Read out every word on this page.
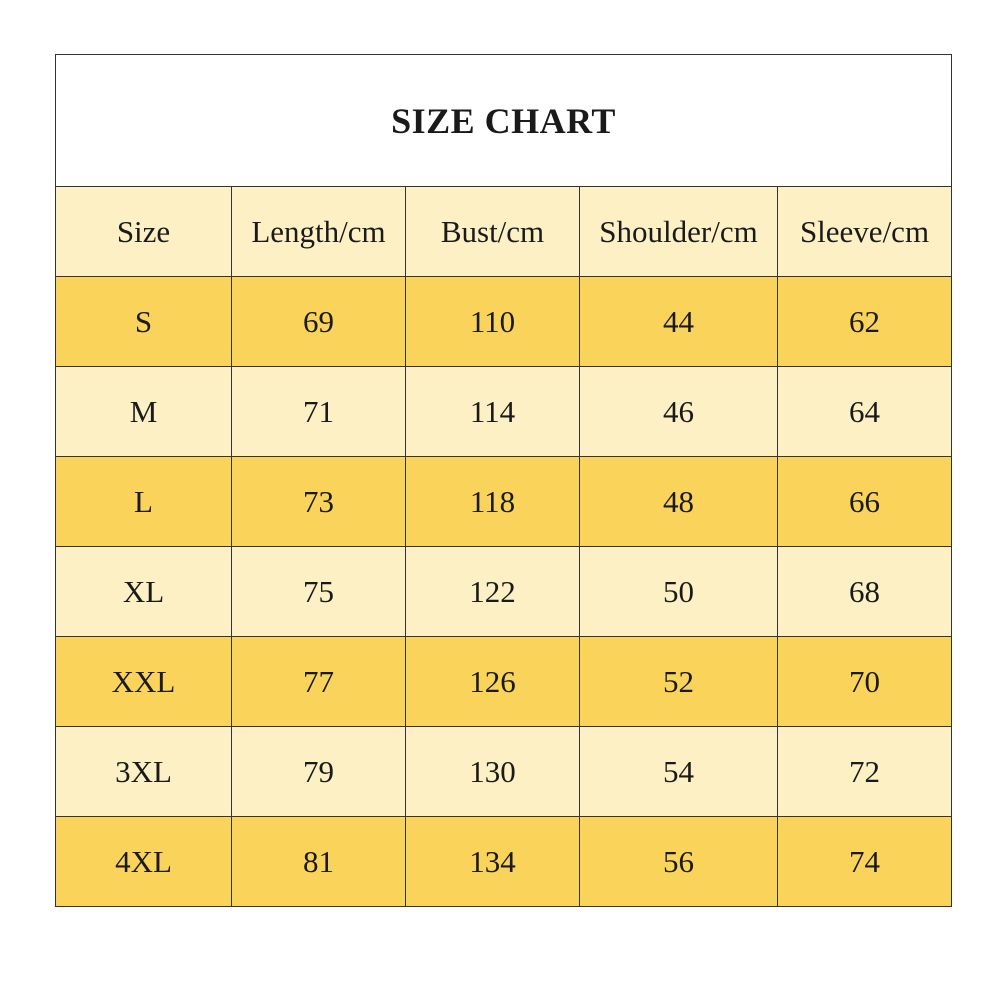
SIZE CHART				
Size	Length/cm	Bust/cm	Shoulder/cm	Sleeve/cm
S	69	110	44	62
M	71	114	46	64
L	73	118	48	66
XL	75	122	50	68
XXL	77	126	52	70
3XL	79	130	54	72
4XL	81	134	56	74
